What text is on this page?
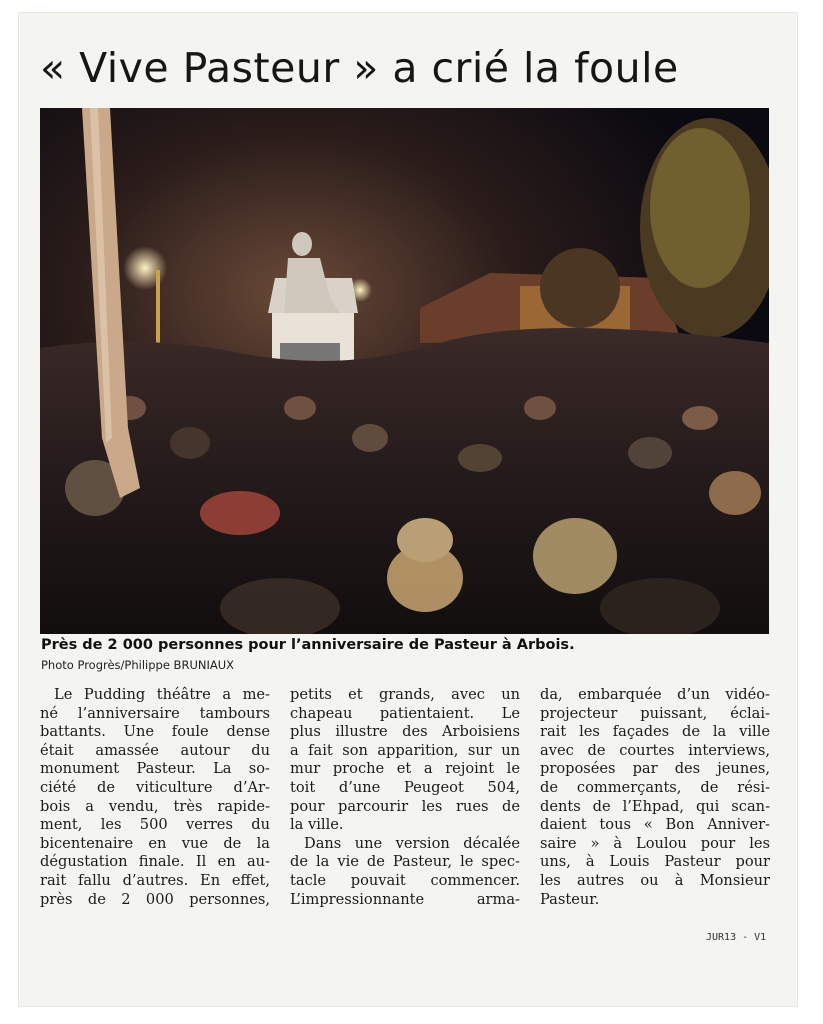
« Vive Pasteur » a crié la foule
Près de 2 000 personnes pour l’anniversaire de Pasteur à Arbois.
Photo Progrès/Philippe BRUNIAUX
Le Pudding théâtre a me-
né l’anniversaire tambours
battants. Une foule dense
était amassée autour du
monument Pasteur. La so-
ciété de viticulture d’Ar-
bois a vendu, très rapide-
ment, les 500 verres du
bicentenaire en vue de la
dégustation finale. Il en au-
rait fallu d’autres. En effet,
près de 2 000 personnes,
petits et grands, avec un
chapeau patientaient. Le
plus illustre des Arboisiens
a fait son apparition, sur un
mur proche et a rejoint le
toit d’une Peugeot 504,
pour parcourir les rues de
la ville.
Dans une version décalée
de la vie de Pasteur, le spec-
tacle pouvait commencer.
L’impressionnante arma-
da, embarquée d’un vidéo-
projecteur puissant, éclai-
rait les façades de la ville
avec de courtes interviews,
proposées par des jeunes,
de commerçants, de rési-
dents de l’Ehpad, qui scan-
daient tous « Bon Anniver-
saire » à Loulou pour les
uns, à Louis Pasteur pour
les autres ou à Monsieur
Pasteur.
JUR13 - V1
